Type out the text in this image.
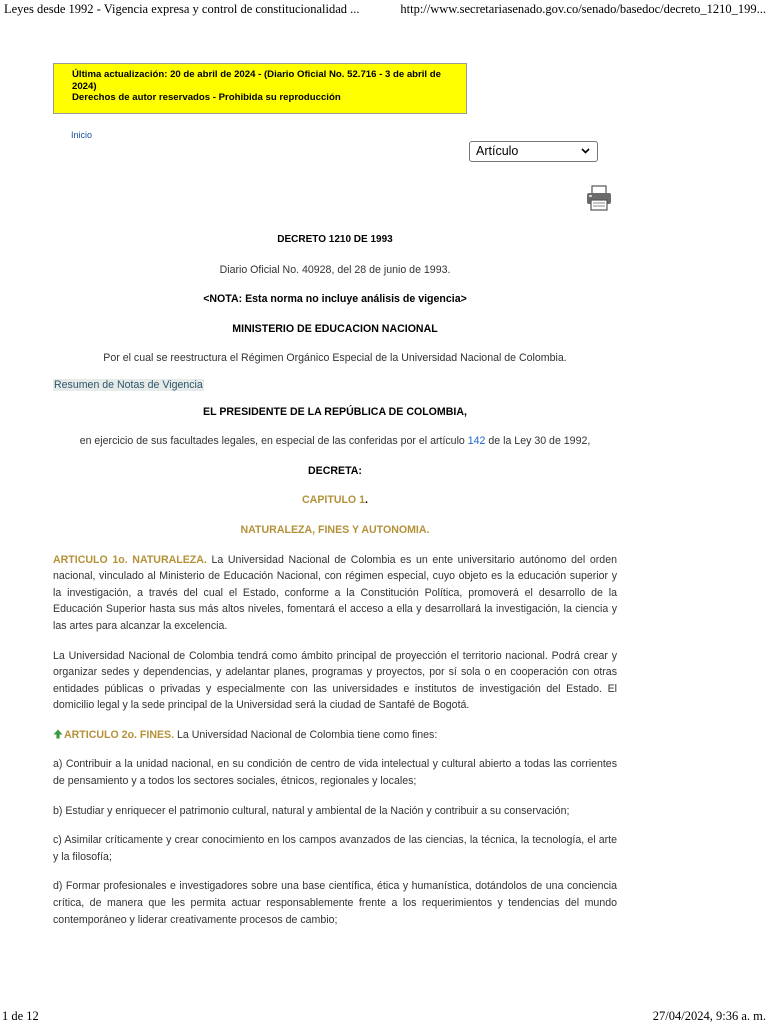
Leyes desde 1992 - Vigencia expresa y control de constitucionalidad ...	http://www.secretariasenado.gov.co/senado/basedoc/decreto_1210_199...
Última actualización: 20 de abril de 2024 - (Diario Oficial No. 52.716 - 3 de abril de 2024)
Derechos de autor reservados - Prohibida su reproducción
Inicio
Artículo

DECRETO 1210 DE 1993

Diario Oficial No. 40928, del 28 de junio de 1993.

<NOTA: Esta norma no incluye análisis de vigencia>

MINISTERIO DE EDUCACION NACIONAL

Por el cual se reestructura el Régimen Orgánico Especial de la Universidad Nacional de Colombia.

Resumen de Notas de Vigencia

EL PRESIDENTE DE LA REPÚBLICA DE COLOMBIA,

en ejercicio de sus facultades legales, en especial de las conferidas por el artículo 142 de la Ley 30 de 1992,

DECRETA:

CAPITULO 1.

NATURALEZA, FINES Y AUTONOMIA.

ARTICULO 1o. NATURALEZA. La Universidad Nacional de Colombia es un ente universitario autónomo del orden nacional, vinculado al Ministerio de Educación Nacional, con régimen especial, cuyo objeto es la educación superior y la investigación, a través del cual el Estado, conforme a la Constitución Política, promoverá el desarrollo de la Educación Superior hasta sus más altos niveles, fomentará el acceso a ella y desarrollará la investigación, la ciencia y las artes para alcanzar la excelencia.

La Universidad Nacional de Colombia tendrá como ámbito principal de proyección el territorio nacional. Podrá crear y organizar sedes y dependencias, y adelantar planes, programas y proyectos, por sí sola o en cooperación con otras entidades públicas o privadas y especialmente con las universidades e institutos de investigación del Estado. El domicilio legal y la sede principal de la Universidad será la ciudad de Santafé de Bogotá.

ARTICULO 2o. FINES. La Universidad Nacional de Colombia tiene como fines:

a) Contribuir a la unidad nacional, en su condición de centro de vida intelectual y cultural abierto a todas las corrientes de pensamiento y a todos los sectores sociales, étnicos, regionales y locales;

b) Estudiar y enriquecer el patrimonio cultural, natural y ambiental de la Nación y contribuir a su conservación;

c) Asimilar críticamente y crear conocimiento en los campos avanzados de las ciencias, la técnica, la tecnología, el arte y la filosofía;

d) Formar profesionales e investigadores sobre una base científica, ética y humanística, dotándolos de una conciencia crítica, de manera que les permita actuar responsablemente frente a los requerimientos y tendencias del mundo contemporáneo y liderar creativamente procesos de cambio;

1 de 12	27/04/2024, 9:36 a. m.
